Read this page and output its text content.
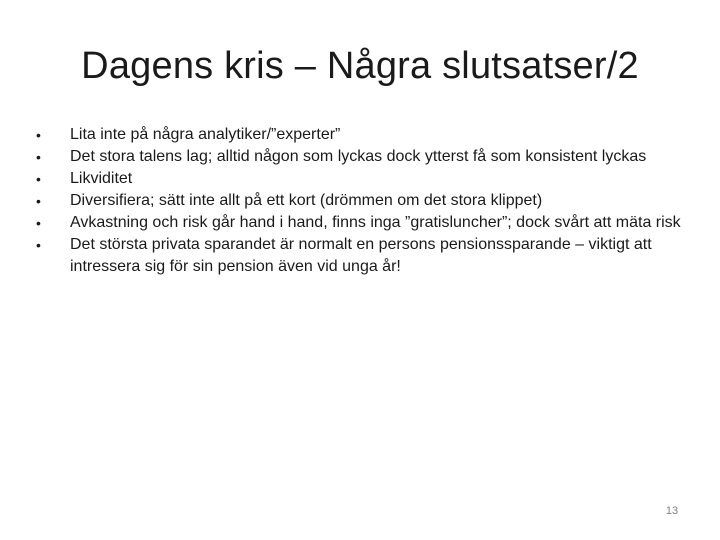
Dagens kris – Några slutsatser/2
•	Lita inte på några analytiker/”experter”
•	Det stora talens lag; alltid någon som lyckas dock ytterst få som konsistent lyckas
•	Likviditet
•	Diversifiera; sätt inte allt på ett kort (drömmen om det stora klippet)
•	Avkastning och risk går hand i hand, finns inga ”gratisluncher”; dock svårt att mäta risk
•	Det största privata sparandet är normalt en persons pensionssparande – viktigt att intressera sig för sin pension även vid unga år!
13
